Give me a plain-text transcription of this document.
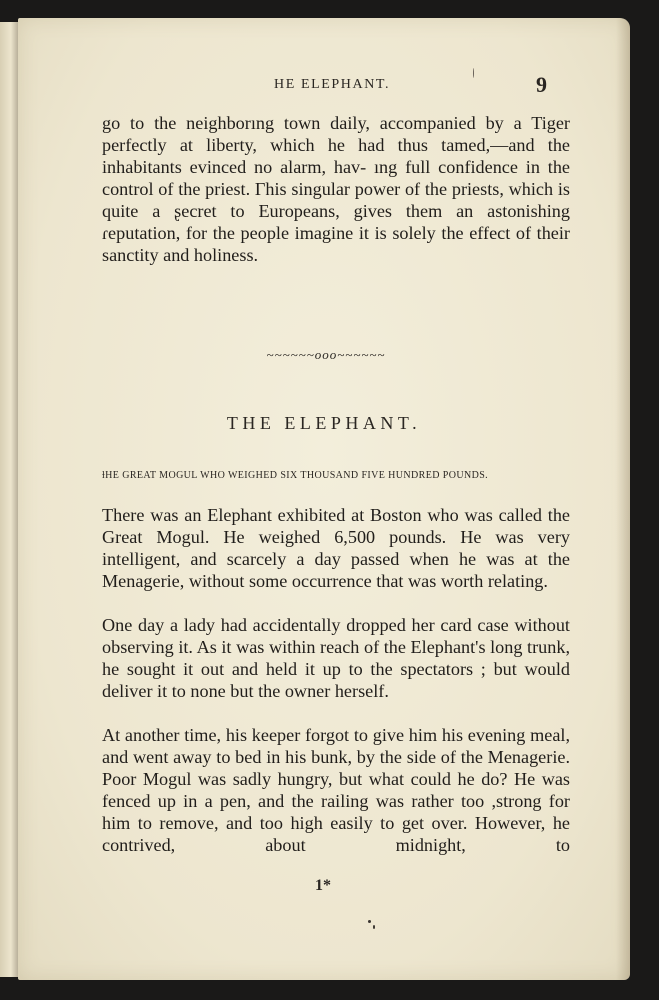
HE ELEPHANT.	9

go to the neighborıng town daily, accompanied by a Tiger perfectly at liberty, which he had thus tamed,—and the inhabitants evinced no alarm, hav- ıng full confidence in the control of the priest. Гhis singular power of the priests, which is quite a ʂecret to Europeans, gives them an astonishing ɾeputation, for the people imagine it is solely the effect of their sanctity and holiness.

~~~~~~ooo~~~~~~
THE ELEPHANT.
ƚHE GREAT MOGUL WHO WEIGHED SIX THOUSAND FIVE HUNDRED POUNDS.

There was an Elephant exhibited at Boston who was called the Great Mogul. He weighed 6,500 pounds. He was very intelligent, and scarcely a day passed when he was at the Menagerie, without some occurrence that was worth relating.

One day a lady had accidentally dropped her card case without observing it. As it was within reach of the Elephant's long trunk, he sought it out and held it up to the spectators ; but would deliver it to none but the owner herself.

At another time, his keeper forgot to give him his evening meal, and went away to bed in his bunk, by the side of the Menagerie. Poor Mogul was sadly hungry, but what could he do? He was fenced up in a pen, and the railing was rather too ,strong for him to remove, and too high easily to get over. However, he contrived, about midnight, to

1*
